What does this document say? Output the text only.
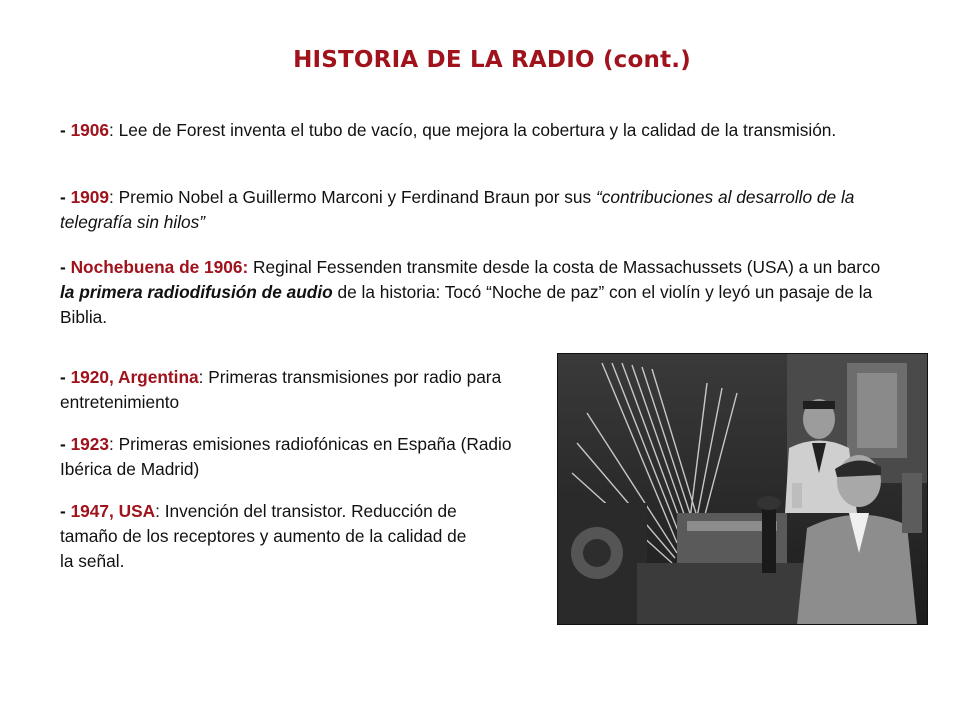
HISTORIA DE LA RADIO (cont.)

- 1906: Lee de Forest inventa el tubo de vacío, que mejora la cobertura y la calidad de la transmisión.

- 1909: Premio Nobel a Guillermo Marconi y Ferdinand Braun por sus “contribuciones al desarrollo de la telegrafía sin hilos”

- Nochebuena de 1906: Reginal Fessenden transmite desde la costa de Massachussets (USA) a un barco la primera radiodifusión de audio de la historia: Tocó “Noche de paz” con el violín y leyó un pasaje de la Biblia.

- 1920, Argentina: Primeras transmisiones por radio para entretenimiento

- 1923: Primeras emisiones radiofónicas en España (Radio Ibérica de Madrid)

- 1947, USA: Invención del transistor. Reducción de tamaño de los receptores y aumento de la calidad de la señal.
